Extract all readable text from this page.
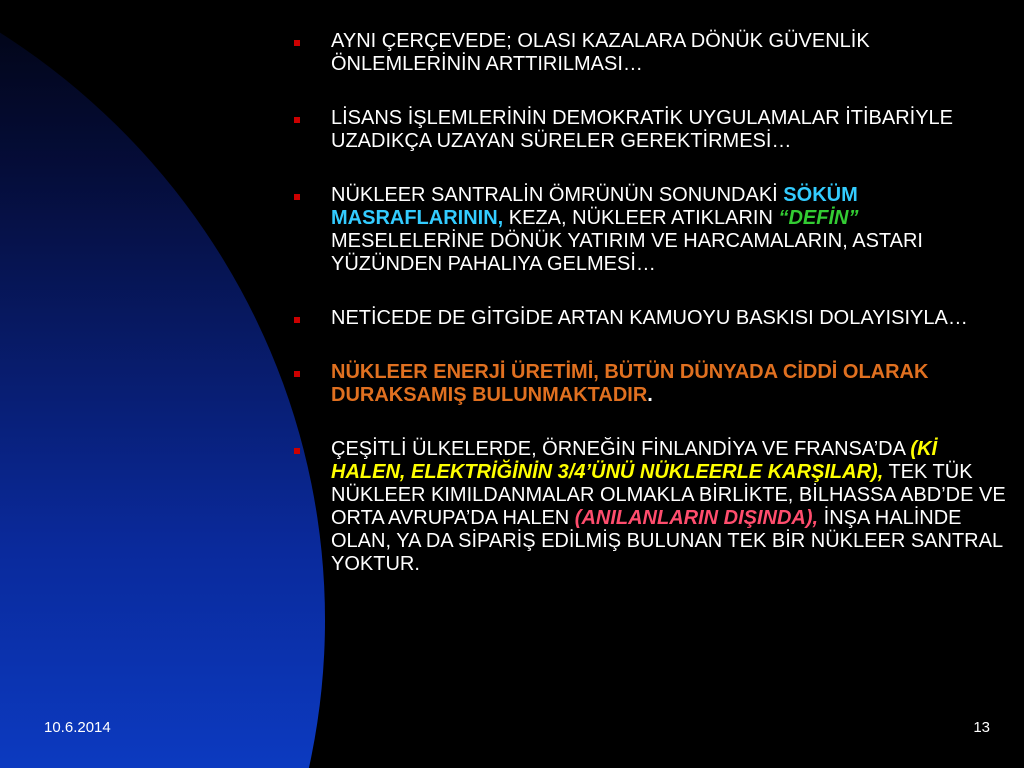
AYNI ÇERÇEVEDE; OLASI KAZALARA DÖNÜK GÜVENLİK ÖNLEMLERİNİN ARTTIRILMASI…
LİSANS İŞLEMLERİNİN DEMOKRATİK UYGULAMALAR İTİBARİYLE UZADIKÇA UZAYAN SÜRELER GEREKTİRMESİ…
NÜKLEER SANTRALİN ÖMRÜNÜN SONUNDAKİ SÖKÜM MASRAFLARININ, KEZA, NÜKLEER ATIKLARIN “DEFİN” MESELELERİNE DÖNÜK YATIRIM VE HARCAMALARIN, ASTARI YÜZÜNDEN PAHALIYA GELMESİ…
NETİCEDE DE GİTGİDE ARTAN KAMUOYU BASKISI DOLAYISIYLA…
NÜKLEER ENERJİ ÜRETİMİ, BÜTÜN DÜNYADA CİDDİ OLARAK DURAKSAMIŞ BULUNMAKTADIR.
ÇEŞİTLİ ÜLKELERDE, ÖRNEĞİN FİNLANDİYA VE FRANSA’DA (Kİ HALEN, ELEKTRİĞİNİN 3/4’ÜNÜ NÜKLEERLE KARŞILAR), TEK TÜK NÜKLEER KIMILDANMALAR OLMAKLA BİRLİKTE, BİLHASSA ABD’DE VE ORTA AVRUPA’DA HALEN (ANILANLARIN DIŞINDA), İNŞA HALİNDE OLAN, YA DA SİPARİŞ EDİLMİŞ BULUNAN TEK BİR NÜKLEER SANTRAL YOKTUR.
10.6.2014	13
